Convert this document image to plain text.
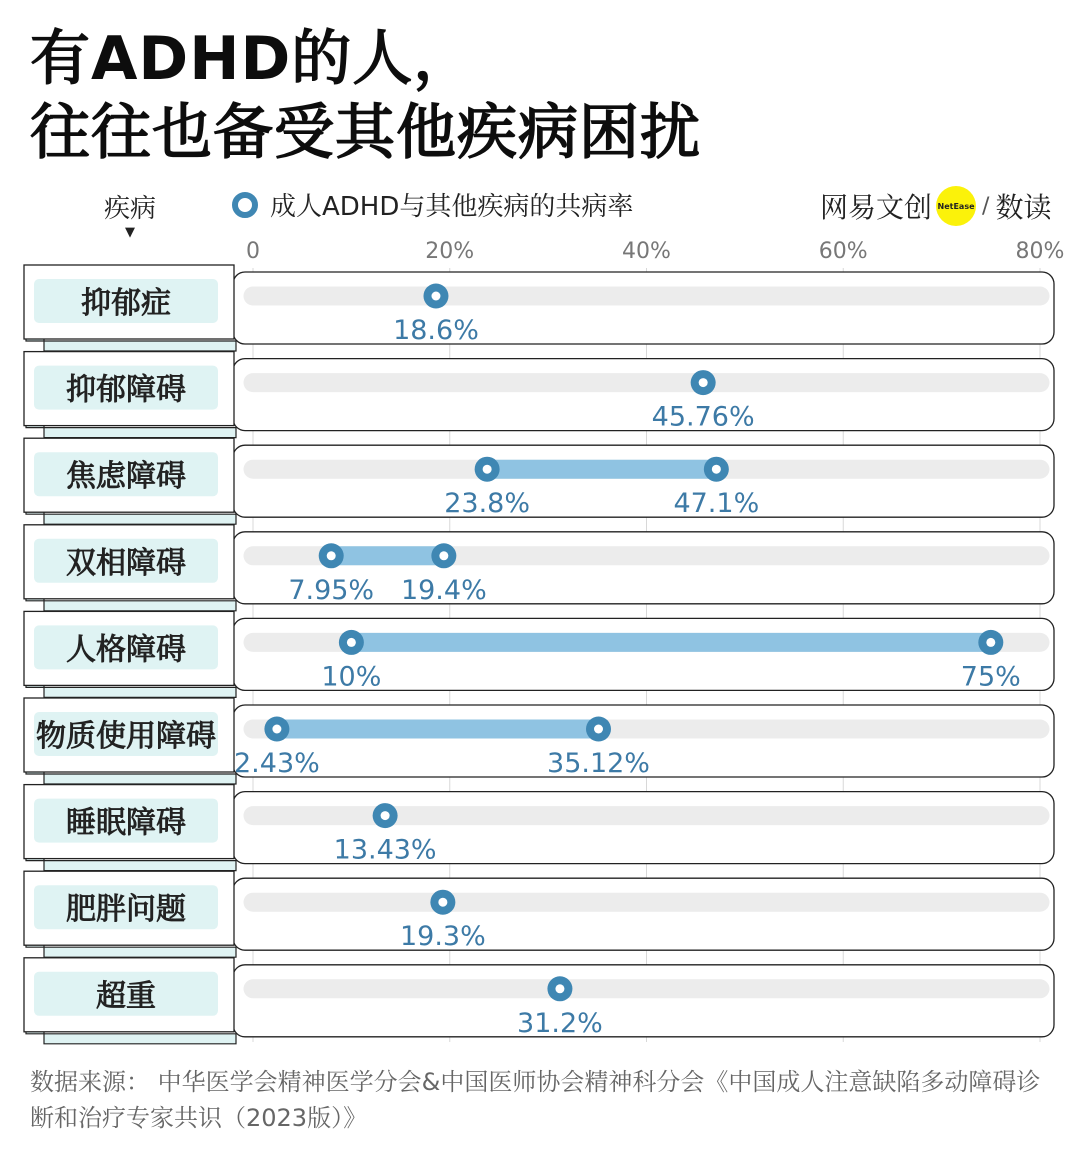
有ADHD的人，
往往也备受其他疾病困扰
疾病
▼
成人ADHD与其他疾病的共病率	网易文创 NetEase / 数读
0	20%	40%	60%	80%
抑郁症
18.6%
抑郁障碍
45.76%
焦虑障碍
23.8%	47.1%
双相障碍
7.95% 19.4%
人格障碍
10%	75%
物质使用障碍
2.43%	35.12%
睡眠障碍
13.43%
肥胖问题
19.3%
超重
31.2%
数据来源： 中华医学会精神医学分会&中国医师协会精神科分会《中国成人注意缺陷多动障碍诊断和治疗专家共识（2023版）》
